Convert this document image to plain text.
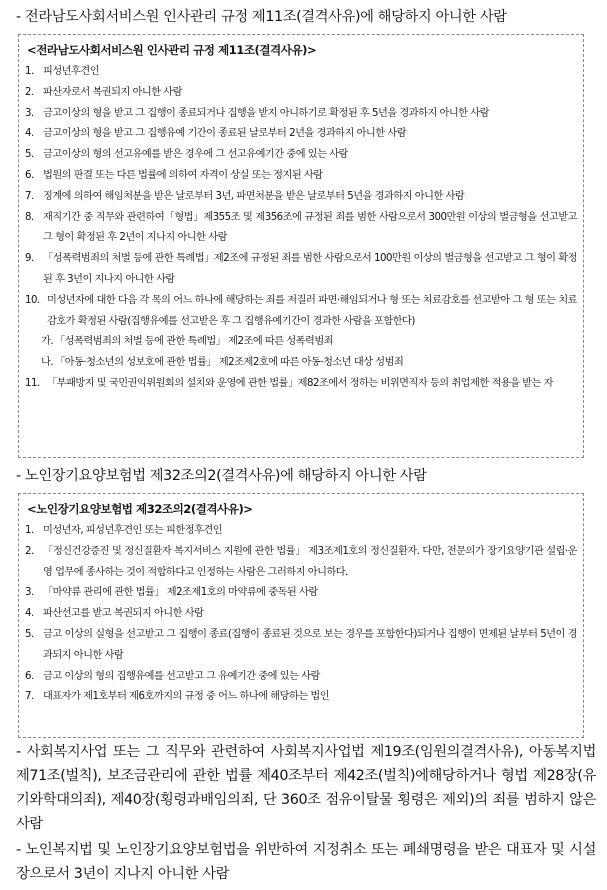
- 전라남도사회서비스원 인사관리 규정 제11조(결격사유)에 해당하지 아니한 사람
<전라남도사회서비스원 인사관리 규정 제11조(결격사유)>
1. 피성년후견인
2. 파산자로서 복권되지 아니한 사람
3. 금고이상의 형을 받고 그 집행이 종료되거나 집행을 받지 아니하기로 확정된 후 5년을 경과하지 아니한 사람
4. 금고이상의 형을 받고 그 집행유예 기간이 종료된 날로부터 2년을 경과하지 아니한 사람
5. 금고이상의 형의 선고유예를 받은 경우에 그 선고유예기간 중에 있는 사람
6. 법원의 판결 또는 다른 법률에 의하여 자격이 상실 또는 정지된 사람
7. 징계에 의하여 해임처분을 받은 날로부터 3년, 파면처분을 받은 날로부터 5년을 경과하지 아니한 사람
8. 재직기간 중 직무와 관련하여「형법」제355조 및 제356조에 규정된 죄를 범한 사람으로서 300만원 이상의 벌금형을 선고받고 그 형이 확정된 후 2년이 지나지 아니한 사람
9. 「성폭력범죄의 처벌 등에 관한 특례법」제2조에 규정된 죄를 범한 사람으로서 100만원 이상의 벌금형을 선고받고 그 형이 확정된 후 3년이 지나지 아니한 사람
10. 미성년자에 대한 다음 각 목의 어느 하나에 해당하는 죄를 저질러 파면·해임되거나 형 또는 치료감호를 선고받아 그 형 또는 치료감호가 확정된 사람(집행유예를 선고받은 후 그 집행유예기간이 경과한 사람을 포함한다)
가. 「성폭력범죄의 처벌 등에 관한 특례법」 제2조에 따른 성폭력범죄
나. 「아동·청소년의 성보호에 관한 법률」 제2조제2호에 따른 아동·청소년 대상 성범죄
11. 「부패방지 및 국민권익위원회의 설치와 운영에 관한 법률」제82조에서 정하는 비위면직자 등의 취업제한 적용을 받는 자
- 노인장기요양보험법 제32조의2(결격사유)에 해당하지 아니한 사람
<노인장기요양보험법 제32조의2(결격사유)>
1. 미성년자, 피성년후견인 또는 피한정후견인
2. 「정신건강증진 및 정신질환자 복지서비스 지원에 관한 법률」 제3조제1호의 정신질환자. 다만, 전문의가 장기요양기관 설립·운영 업무에 종사하는 것이 적합하다고 인정하는 사람은 그러하지 아니하다.
3. 「마약류 관리에 관한 법률」 제2조제1호의 마약류에 중독된 사람
4. 파산선고를 받고 복권되지 아니한 사람
5. 금고 이상의 실형을 선고받고 그 집행이 종료(집행이 종료된 것으로 보는 경우를 포함한다)되거나 집행이 면제된 날부터 5년이 경과되지 아니한 사람
6. 금고 이상의 형의 집행유예를 선고받고 그 유예기간 중에 있는 사람
7. 대표자가 제1호부터 제6호까지의 규정 중 어느 하나에 해당하는 법인
- 사회복지사업 또는 그 직무와 관련하여 사회복지사업법 제19조(임원의결격사유), 아동복지법 제71조(벌칙), 보조금관리에 관한 법률 제40조부터 제42조(벌칙)에해당하거나 형법 제28장(유기와학대의죄), 제40장(횡령과배임의죄, 단 360조 점유이탈물 횡령은 제외)의 죄를 범하지 않은 사람
- 노인복지법 및 노인장기요양보험법을 위반하여 지정취소 또는 폐쇄명령을 받은 대표자 및 시설장으로서 3년이 지나지 아니한 사람
